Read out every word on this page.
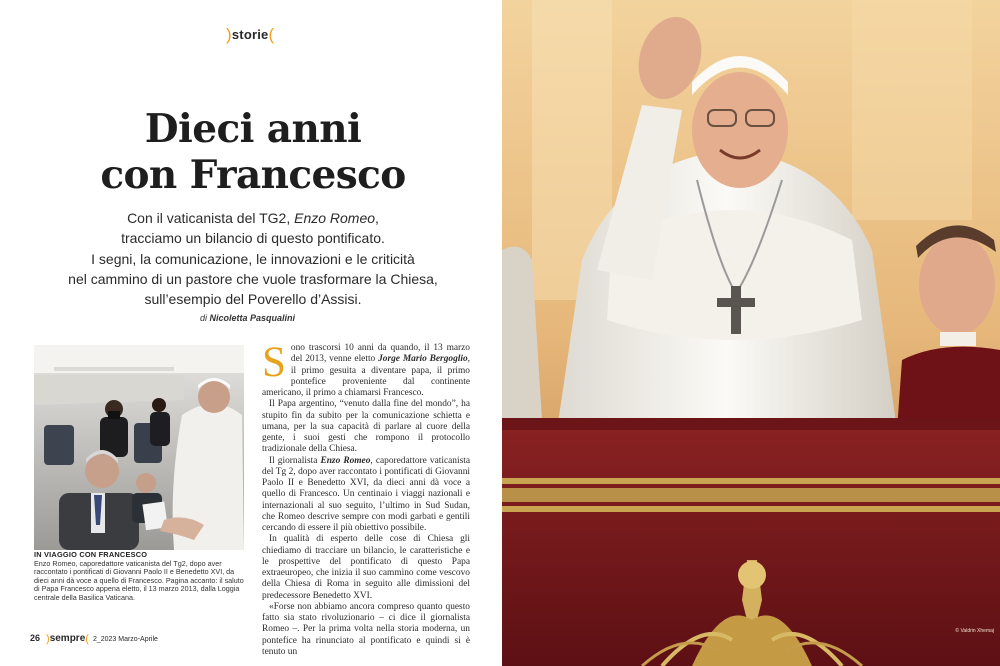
)storie(
Dieci anni
con Francesco
Con il vaticanista del TG2, Enzo Romeo,
tracciamo un bilancio di questo pontificato.
I segni, la comunicazione, le innovazioni e le criticità
nel cammino di un pastore che vuole trasformare la Chiesa,
sull’esempio del Poverello d’Assisi.
di Nicoletta Pasqualini
IN VIAGGIO CON FRANCESCO
Enzo Romeo, caporedattore vaticanista del Tg2, dopo aver raccontato i pontificati di Giovanni Paolo II e Benedetto XVI, da dieci anni dà voce a quello di Francesco. Pagina accanto: il saluto di Papa Francesco appena eletto, il 13 marzo 2013, dalla Loggia centrale della Basilica Vaticana.

Sono trascorsi 10 anni da quando, il 13 marzo del 2013, venne eletto Jorge Mario Bergoglio, il primo gesuita a diventare papa, il primo pontefice proveniente dal continente americano, il primo a chiamarsi Francesco.

Il Papa argentino, “venuto dalla fine del mondo”, ha stupito fin da subito per la comunicazione schietta e umana, per la sua capacità di parlare al cuore della gente, i suoi gesti che rompono il protocollo tradizionale della Chiesa.

Il giornalista Enzo Romeo, caporedattore vaticanista del Tg 2, dopo aver raccontato i pontificati di Giovanni Paolo II e Benedetto XVI, da dieci anni dà voce a quello di Francesco. Un centinaio i viaggi nazionali e internazionali al suo seguito, l’ultimo in Sud Sudan, che Romeo descrive sempre con modi garbati e gentili cercando di essere il più obiettivo possibile.

In qualità di esperto delle cose di Chiesa gli chiediamo di tracciare un bilancio, le caratteristiche e le prospettive del pontificato di questo Papa extraeuropeo, che inizia il suo cammino come vescovo della Chiesa di Roma in seguito alle dimissioni del predecessore Benedetto XVI.

«Forse non abbiamo ancora compreso quanto questo fatto sia stato rivoluzionario – ci dice il giornalista Romeo –. Per la prima volta nella storia moderna, un pontefice ha rinunciato al pontificato e quindi si è tenuto un

26 )sempre( 2_2023 Marzo-Aprile
© Valdrin Xhemaj
